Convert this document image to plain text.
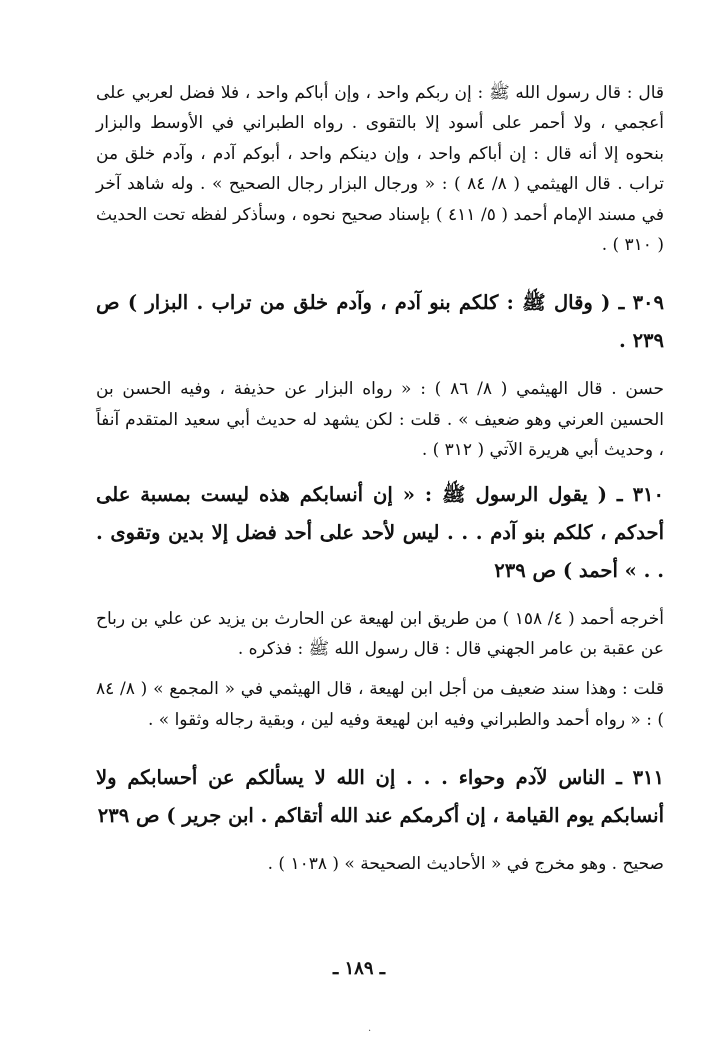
قال : قال رسول الله ﷺ : إن ربكم واحد ، وإن أباكم واحد ، فلا فضل لعربي على أعجمي ، ولا أحمر على أسود إلا بالتقوى . رواه الطبراني في الأوسط والبزار بنحوه إلا أنه قال : إن أباكم واحد ، وإن دينكم واحد ، أبوكم آدم ، وآدم خلق من تراب . قال الهيثمي ( ٨/ ٨٤ ) : « ورجال البزار رجال الصحيح » . وله شاهد آخر في مسند الإمام أحمد ( ٥/ ٤١١ ) بإسناد صحيح نحوه ، وسأذكر لفظه تحت الحديث ( ٣١٠ ) .

٣٠٩ ـ ( وقال ﷺ : كلكم بنو آدم ، وآدم خلق من تراب . البزار ) ص ٢٣٩ .

حسن . قال الهيثمي ( ٨/ ٨٦ ) : « رواه البزار عن حذيفة ، وفيه الحسن بن الحسين العرني وهو ضعيف » . قلت : لكن يشهد له حديث أبي سعيد المتقدم آنفاً ، وحديث أبي هريرة الآتي ( ٣١٢ ) .

٣١٠ ـ ( يقول الرسول ﷺ : « إن أنسابكم هذه ليست بمسبة على أحدكم ، كلكم بنو آدم . . . ليس لأحد على أحد فضل إلا بدين وتقوى . . . » أحمد ) ص ٢٣٩

أخرجه أحمد ( ٤/ ١٥٨ ) من طريق ابن لهيعة عن الحارث بن يزيد عن علي بن رباح عن عقبة بن عامر الجهني قال : قال رسول الله ﷺ : فذكره .

قلت : وهذا سند ضعيف من أجل ابن لهيعة ، قال الهيثمي في « المجمع » ( ٨/ ٨٤ ) : « رواه أحمد والطبراني وفيه ابن لهيعة وفيه لين ، وبقية رجاله وثقوا » .

٣١١ ـ الناس لآدم وحواء . . . إن الله لا يسألكم عن أحسابكم ولا أنسابكم يوم القيامة ، إن أكرمكم عند الله أتقاكم . ابن جرير ) ص ٢٣٩

صحيح . وهو مخرج في « الأحاديث الصحيحة » ( ١٠٣٨ ) .

ـ ١٨٩ ـ
·
